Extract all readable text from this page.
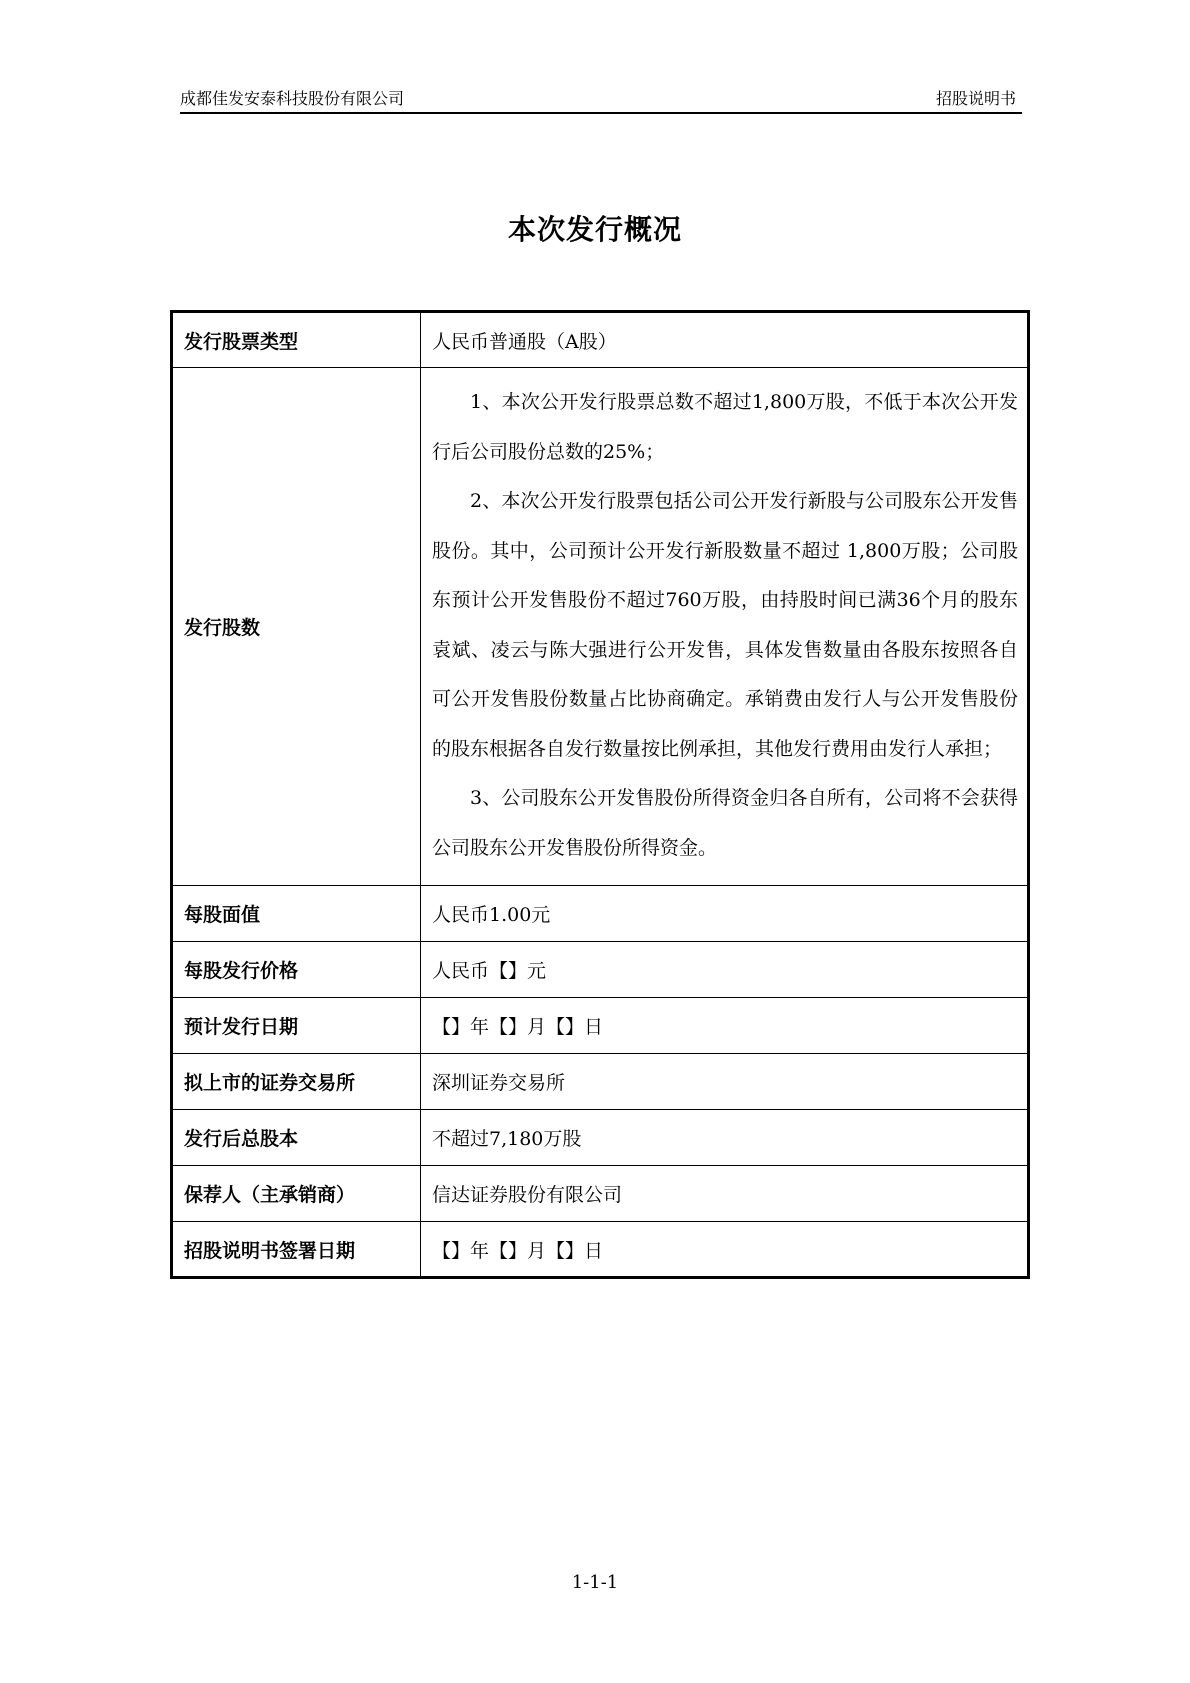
成都佳发安泰科技股份有限公司	招股说明书
本次发行概况
发行股票类型	人民币普通股（A股）
发行股数	1、本次公开发行股票总数不超过1,800万股，不低于本次公开发行后公司股份总数的25%；
2、本次公开发行股票包括公司公开发行新股与公司股东公开发售股份。其中，公司预计公开发行新股数量不超过 1,800万股；公司股东预计公开发售股份不超过760万股，由持股时间已满36个月的股东袁斌、凌云与陈大强进行公开发售，具体发售数量由各股东按照各自可公开发售股份数量占比协商确定。承销费由发行人与公开发售股份的股东根据各自发行数量按比例承担，其他发行费用由发行人承担；
3、公司股东公开发售股份所得资金归各自所有，公司将不会获得公司股东公开发售股份所得资金。

每股面值	人民币1.00元
每股发行价格	人民币【】元
预计发行日期	【】年【】月【】日
拟上市的证券交易所	深圳证券交易所
发行后总股本	不超过7,180万股
保荐人（主承销商）	信达证券股份有限公司
招股说明书签署日期	【】年【】月【】日
1-1-1
